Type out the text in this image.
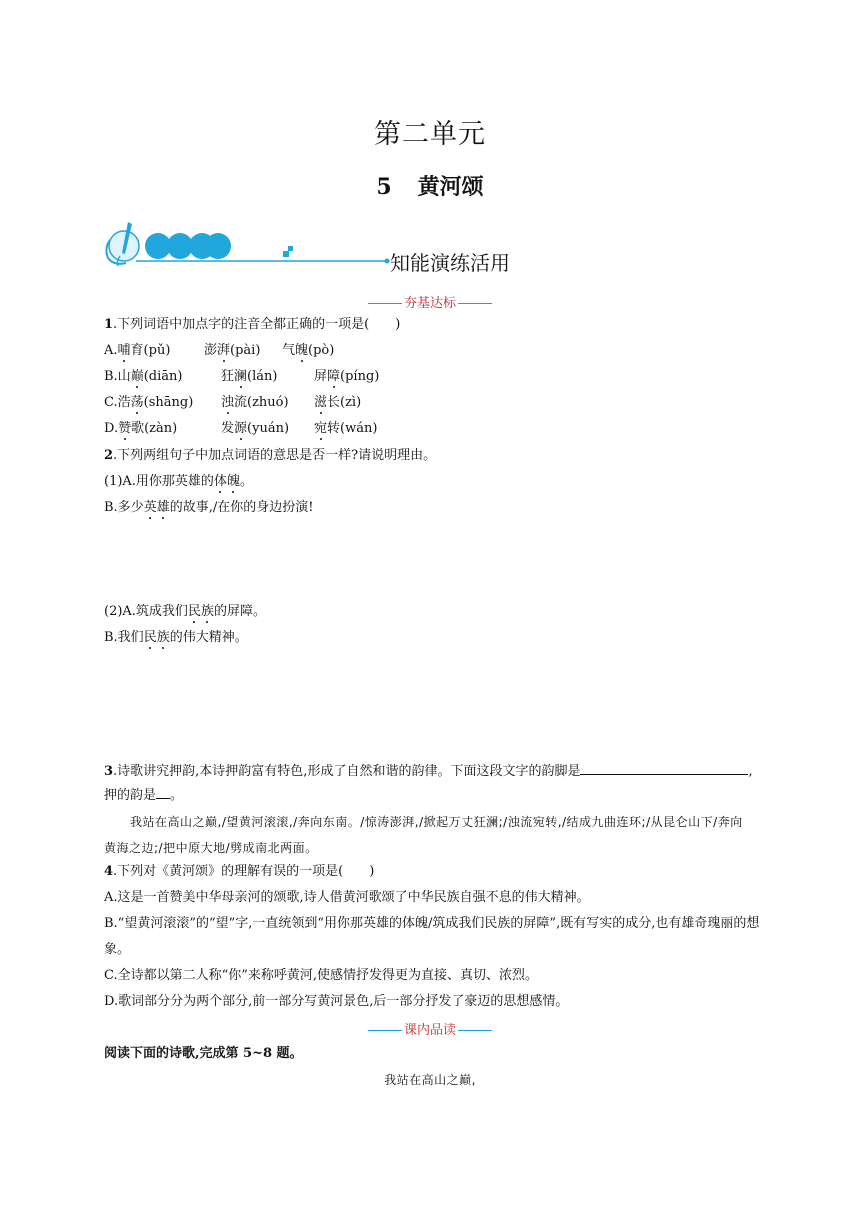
第二单元
5 黄河颂
知能演练活用
夯基达标
1.下列词语中加点字的注音全都正确的一项是(　　)
A.哺育(pǔ)	澎湃(pài) 气魄(pò)
B.山巅(diān)	狂澜(lán)	屏障(píng)
C.浩荡(shāng) 浊流(zhuó) 滋长(zì)
D.赞歌(zàn)	发源(yuán) 宛转(wán)
2.下列两组句子中加点词语的意思是否一样?请说明理由。
(1)A.用你那英雄的体魄。
B.多少英雄的故事,/在你的身边扮演!
(2)A.筑成我们民族的屏障。
B.我们民族的伟大精神。
3.诗歌讲究押韵,本诗押韵富有特色,形成了自然和谐的韵律。下面这段文字的韵脚是	,
押的韵是 。
我站在高山之巅,/望黄河滚滚,/奔向东南。/惊涛澎湃,/掀起万丈狂澜;/浊流宛转,/结成九曲连环;/从昆仑山下/奔向
黄海之边;/把中原大地/劈成南北两面。
4.下列对《黄河颂》的理解有误的一项是(　　)
A.这是一首赞美中华母亲河的颂歌,诗人借黄河歌颂了中华民族自强不息的伟大精神。
B.“望黄河滚滚”的“望”字,一直统领到“用你那英雄的体魄/筑成我们民族的屏障”,既有写实的成分,也有雄奇瑰丽的想
象。
C.全诗都以第二人称“你”来称呼黄河,使感情抒发得更为直接、真切、浓烈。
D.歌词部分分为两个部分,前一部分写黄河景色,后一部分抒发了豪迈的思想感情。
课内品读
阅读下面的诗歌,完成第 5~8 题。
我站在高山之巅,
